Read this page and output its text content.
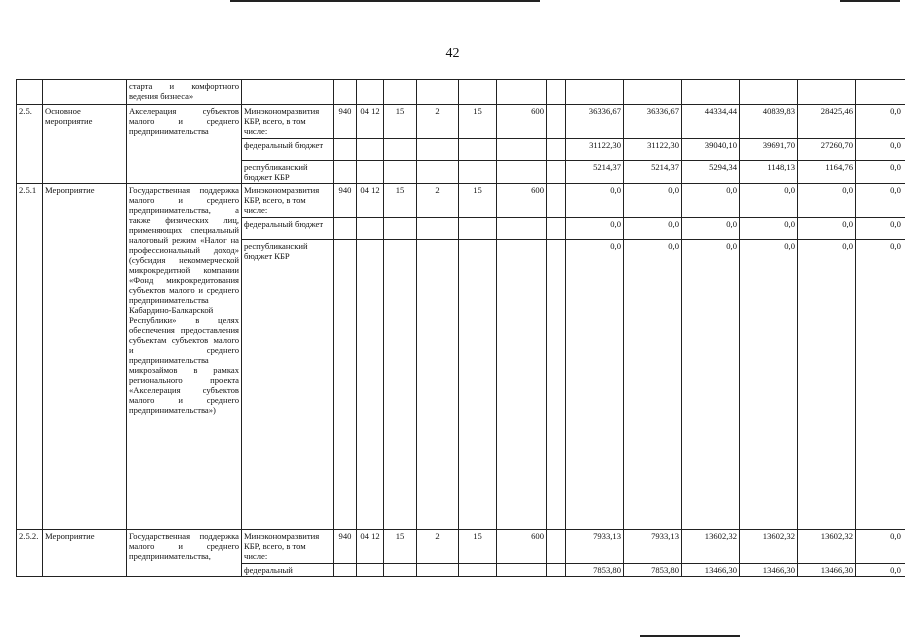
42
		старта и комфортного ведения бизнеса»														
2.5.	Основное мероприятие	Акселерация субъектов малого и среднего предпринимательства	Минэкономразвития КБР, всего, в том числе:	940	04 12	15	2	15	600		36336,67	36336,67	44334,44	40839,83	28425,46	0,0
			федеральный бюджет								31122,30	31122,30	39040,10	39691,70	27260,70	0,0
			республиканский бюджет КБР								5214,37	5214,37	5294,34	1148,13	1164,76	0,0
2.5.1	Мероприятие	Государственная поддержка малого и среднего предпринимательства, а также физических лиц, применяющих специальный налоговый режим «Налог на профессиональный доход» (субсидия некоммерческой микрокредитной компании «Фонд микрокредитования субъектов малого и среднего предпринимательства Кабардино-Балкарской Республики» в целях обеспечения предоставления субъектам субъектов малого и среднего предпринимательства микрозаймов в рамках регионального проекта «Акселерация субъектов малого и среднего предпринимательства»)	Минэкономразвития КБР, всего, в том числе:	940	04 12	15	2	15	600		0,0	0,0	0,0	0,0	0,0	0,0
			федеральный бюджет								0,0	0,0	0,0	0,0	0,0	0,0
			республиканский бюджет КБР								0,0	0,0	0,0	0,0	0,0	0,0
2.5.2.	Мероприятие	Государственная поддержка малого и среднего предпринимательства,	Минэкономразвития КБР, всего, в том числе:	940	04 12	15	2	15	600		7933,13	7933,13	13602,32	13602,32	13602,32	0,0
			федеральный								7853,80	7853,80	13466,30	13466,30	13466,30	0,0
